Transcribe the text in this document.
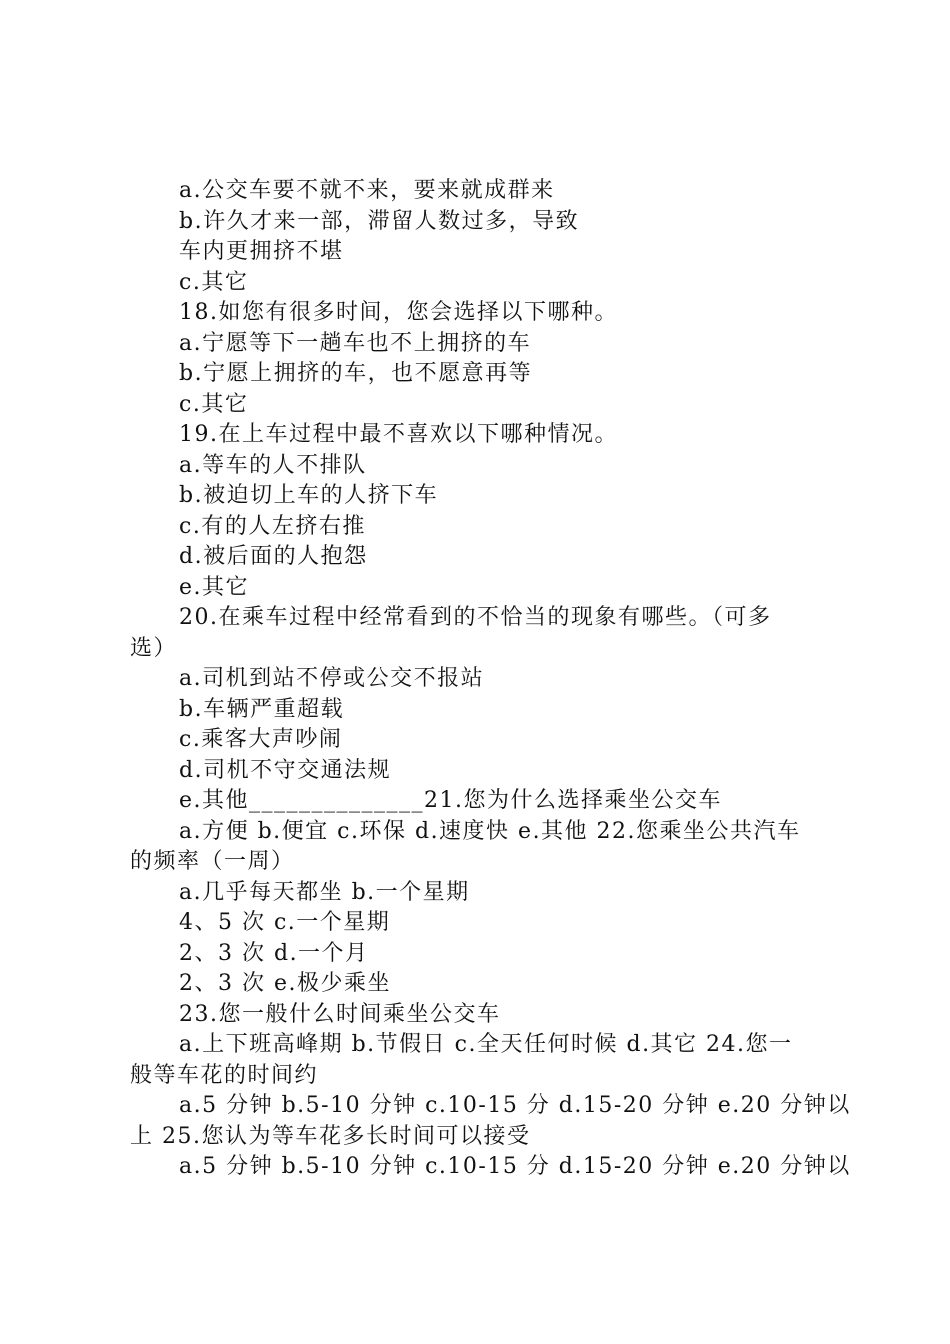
a.公交车要不就不来，要来就成群来
b.许久才来一部，滞留人数过多，导致
车内更拥挤不堪
c.其它
18.如您有很多时间，您会选择以下哪种。
a.宁愿等下一趟车也不上拥挤的车
b.宁愿上拥挤的车，也不愿意再等
c.其它
19.在上车过程中最不喜欢以下哪种情况。
a.等车的人不排队
b.被迫切上车的人挤下车
c.有的人左挤右推
d.被后面的人抱怨
e.其它
20.在乘车过程中经常看到的不恰当的现象有哪些。（可多
选）
a.司机到站不停或公交不报站
b.车辆严重超载
c.乘客大声吵闹
d.司机不守交通法规
e.其他______________21.您为什么选择乘坐公交车
a.方便 b.便宜 c.环保 d.速度快 e.其他 22.您乘坐公共汽车
的频率（一周）
a.几乎每天都坐 b.一个星期
4、5 次 c.一个星期
2、3 次 d.一个月
2、3 次 e.极少乘坐
23.您一般什么时间乘坐公交车
a.上下班高峰期 b.节假日 c.全天任何时候 d.其它 24.您一
般等车花的时间约
a.5 分钟 b.5-10 分钟 c.10-15 分 d.15-20 分钟 e.20 分钟以
上 25.您认为等车花多长时间可以接受
a.5 分钟 b.5-10 分钟 c.10-15 分 d.15-20 分钟 e.20 分钟以
